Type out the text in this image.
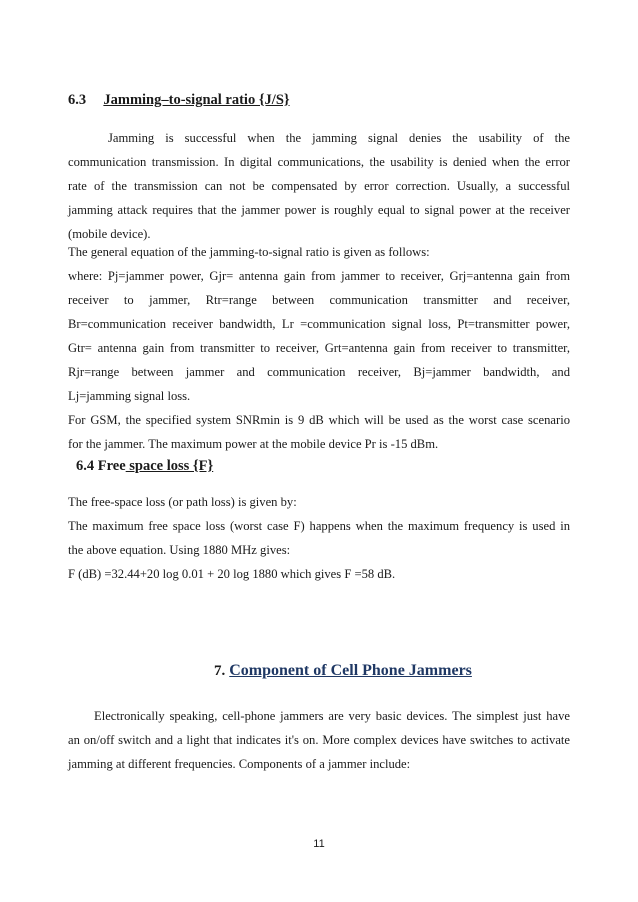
6.3 Jamming–to-signal ratio {J/S}
Jamming is successful when the jamming signal denies the usability of the
communication transmission. In digital communications, the usability is denied when the error
rate of the transmission can not be compensated by error correction. Usually, a successful
jamming attack requires that the jammer power is roughly equal to signal power at the receiver
(mobile device).
The general equation of the jamming-to-signal ratio is given as follows:
where: Pj=jammer power, Gjr= antenna gain from jammer to receiver, Grj=antenna gain from
receiver to jammer, Rtr=range between communication transmitter and receiver,
Br=communication receiver bandwidth, Lr =communication signal loss, Pt=transmitter power,
Gtr= antenna gain from transmitter to receiver, Grt=antenna gain from receiver to transmitter,
Rjr=range between jammer and communication receiver, Bj=jammer bandwidth, and
Lj=jamming signal loss.
For GSM, the specified system SNRmin is 9 dB which will be used as the worst case scenario
for the jammer. The maximum power at the mobile device Pr is -15 dBm.
6.4 Free space loss {F}
The free-space loss (or path loss) is given by:
The maximum free space loss (worst case F) happens when the maximum frequency is used in
the above equation. Using 1880 MHz gives:
F (dB) =32.44+20 log 0.01 + 20 log 1880 which gives F =58 dB.
7. Component of Cell Phone Jammers
Electronically speaking, cell-phone jammers are very basic devices. The simplest just have
an on/off switch and a light that indicates it's on. More complex devices have switches to activate
jamming at different frequencies. Components of a jammer include:
11
